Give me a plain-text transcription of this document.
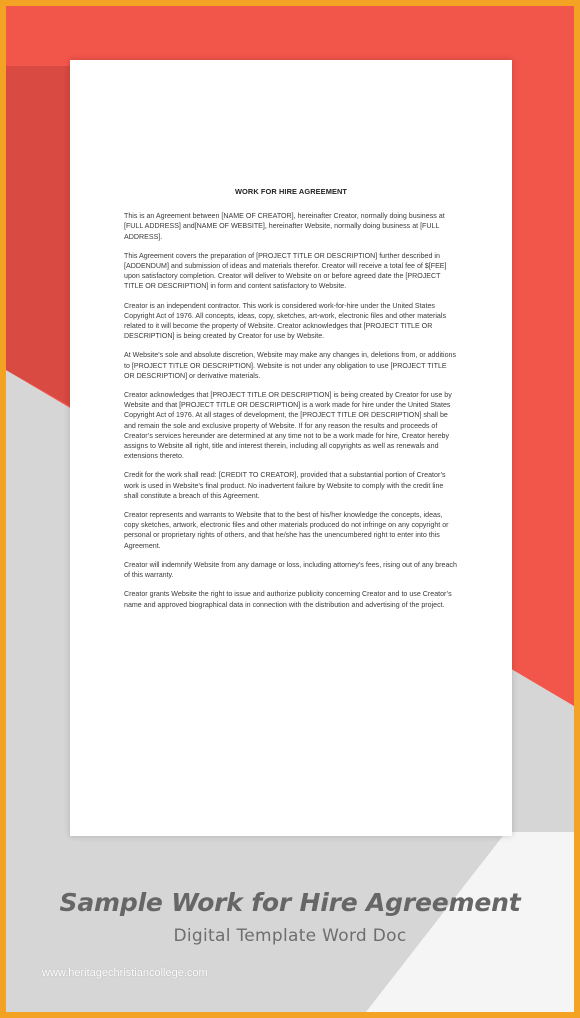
WORK FOR HIRE AGREEMENT

This is an Agreement between [NAME OF CREATOR], hereinafter Creator, normally doing business at [FULL ADDRESS] and[NAME OF WEBSITE], hereinafter Website, normally doing business at [FULL ADDRESS].

This Agreement covers the preparation of [PROJECT TITLE OR DESCRIPTION] further described in [ADDENDUM] and submission of ideas and materials therefor. Creator will receive a total fee of $[FEE] upon satisfactory completion. Creator will deliver to Website on or before agreed date the [PROJECT TITLE OR DESCRIPTION] in form and content satisfactory to Website.

Creator is an independent contractor. This work is considered work-for-hire under the United States Copyright Act of 1976. All concepts, ideas, copy, sketches, art-work, electronic files and other materials related to it will become the property of Website. Creator acknowledges that [PROJECT TITLE OR DESCRIPTION] is being created by Creator for use by Website.

At Website’s sole and absolute discretion, Website may make any changes in, deletions from, or additions to [PROJECT TITLE OR DESCRIPTION]. Website is not under any obligation to use [PROJECT TITLE OR DESCRIPTION] or derivative materials.

Creator acknowledges that [PROJECT TITLE OR DESCRIPTION] is being created by Creator for use by Website and that [PROJECT TITLE OR DESCRIPTION] is a work made for hire under the United States Copyright Act of 1976. At all stages of development, the [PROJECT TITLE OR DESCRIPTION] shall be and remain the sole and exclusive property of Website. If for any reason the results and proceeds of Creator’s services hereunder are determined at any time not to be a work made for hire, Creator hereby assigns to Website all right, title and interest therein, including all copyrights as well as renewals and extensions thereto.

Credit for the work shall read: [CREDIT TO CREATOR], provided that a substantial portion of Creator’s work is used in Website’s final product. No inadvertent failure by Website to comply with the credit line shall constitute a breach of this Agreement.

Creator represents and warrants to Website that to the best of his/her knowledge the concepts, ideas, copy sketches, artwork, electronic files and other materials produced do not infringe on any copyright or personal or proprietary rights of others, and that he/she has the unencumbered right to enter into this Agreement.

Creator will indemnify Website from any damage or loss, including attorney’s fees, rising out of any breach of this warranty.

Creator grants Website the right to issue and authorize publicity concerning Creator and to use Creator’s name and approved biographical data in connection with the distribution and advertising of the project.

Sample Work for Hire Agreement
Digital Template Word Doc
www.heritagechristiancollege.com
